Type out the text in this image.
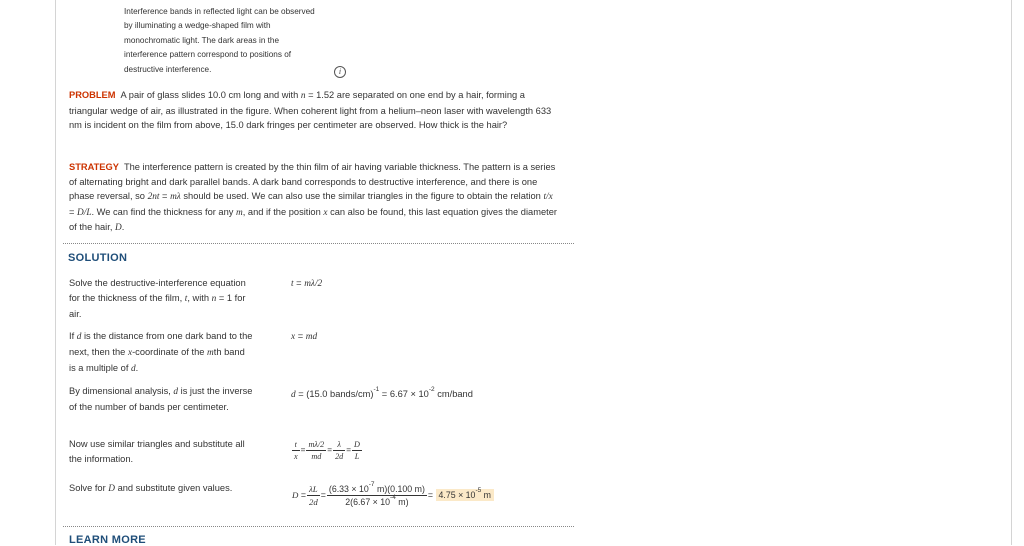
Interference bands in reflected light can be observed
by illuminating a wedge-shaped film with
monochromatic light. The dark areas in the
interference pattern correspond to positions of
destructive interference.	i
PROBLEM A pair of glass slides 10.0 cm long and with n = 1.52 are separated on one end by a hair, forming a triangular wedge of air, as illustrated in the figure. When coherent light from a helium–neon laser with wavelength 633 nm is incident on the film from above, 15.0 dark fringes per centimeter are observed. How thick is the hair?
STRATEGY The interference pattern is created by the thin film of air having variable thickness. The pattern is a series of alternating bright and dark parallel bands. A dark band corresponds to destructive interference, and there is one phase reversal, so 2nt = mλ should be used. We can also use the similar triangles in the figure to obtain the relation t/x = D/L. We can find the thickness for any m, and if the position x can also be found, this last equation gives the diameter of the hair, D.
SOLUTION
Solve the destructive-interference equation for the thickness of the film, t, with n = 1 for air.
t = mλ/2
If d is the distance from one dark band to the next, then the x-coordinate of the mth band is a multiple of d.
x = md
By dimensional analysis, d is just the inverse of the number of bands per centimeter.
d = (15.0 bands/cm)$^{-1}$ = $6.67 \times 10^{-2}$ cm/band
Now use similar triangles and substitute all the information.	$\frac{t}{x} = \frac{m\lambda/2}{md} = \frac{\lambda}{2d} = \frac{D}{L}$
Solve for D and substitute given values.
$D = \frac{\lambda L}{2d} = \frac{(6.33 \times 10^{-7} m)(0.100 m)}{2(6.67 \times 10^{-4} m)} = 4.75 \times 10^{-5}$ m
LEARN MORE
